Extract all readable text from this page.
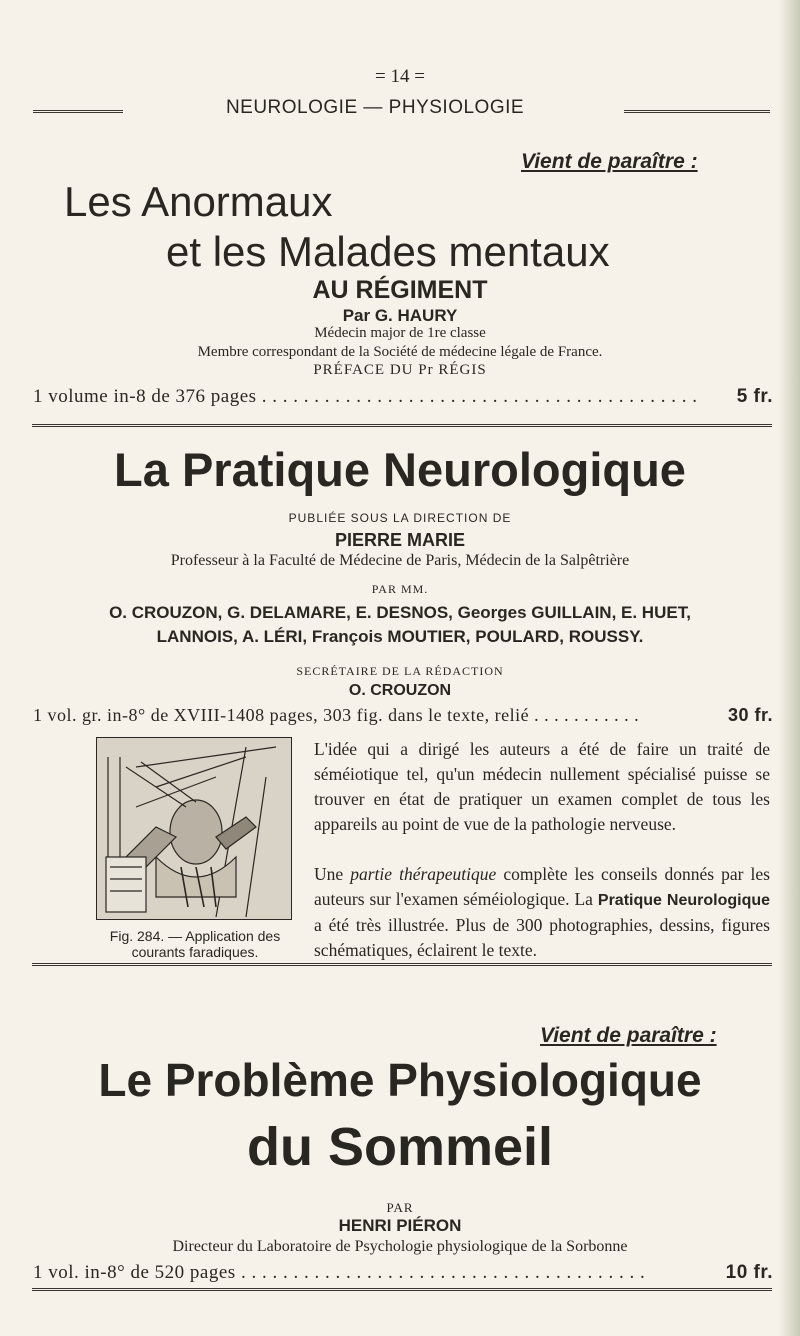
= 14 =
NEUROLOGIE — PHYSIOLOGIE
Vient de paraître :
Les Anormaux
et les Malades mentaux
AU RÉGIMENT
Par G. HAURY
Médecin major de 1re classe
Membre correspondant de la Société de médecine légale de France.
PRÉFACE DU Pr RÉGIS
1 volume in-8 de 376 pages . . . . . . . . . . . . . . . . . . . . . . . . . . . . . . . . . . . . . . . . . .	5 fr.
La Pratique Neurologique
PUBLIÉE SOUS LA DIRECTION DE
PIERRE MARIE
Professeur à la Faculté de Médecine de Paris, Médecin de la Salpêtrière
PAR MM.
O. CROUZON, G. DELAMARE, E. DESNOS, Georges GUILLAIN, E. HUET,
LANNOIS, A. LÉRI, François MOUTIER, POULARD, ROUSSY.
SECRÉTAIRE DE LA RÉDACTION
O. CROUZON
1 vol. gr. in-8° de XVIII-1408 pages, 303 fig. dans le texte, relié . . . . . . . . . . .	30 fr.
Fig. 284. — Application des courants faradiques.
L'idée qui a dirigé les auteurs a été de faire un traité de séméiotique tel, qu'un médecin nullement spécialisé puisse se trouver en état de pratiquer un examen complet de tous les appareils au point de vue de la pathologie nerveuse.
Une partie thérapeutique complète les conseils donnés par les auteurs sur l'examen séméiologique. La Pratique Neurologique a été très illustrée. Plus de 300 photographies, dessins, figures schématiques, éclairent le texte.
Vient de paraître :
Le Problème Physiologique
du Sommeil
PAR
HENRI PIÉRON
Directeur du Laboratoire de Psychologie physiologique de la Sorbonne
1 vol. in-8° de 520 pages . . . . . . . . . . . . . . . . . . . . . . . . . . . . . . . . . . . . . . .	10 fr.
